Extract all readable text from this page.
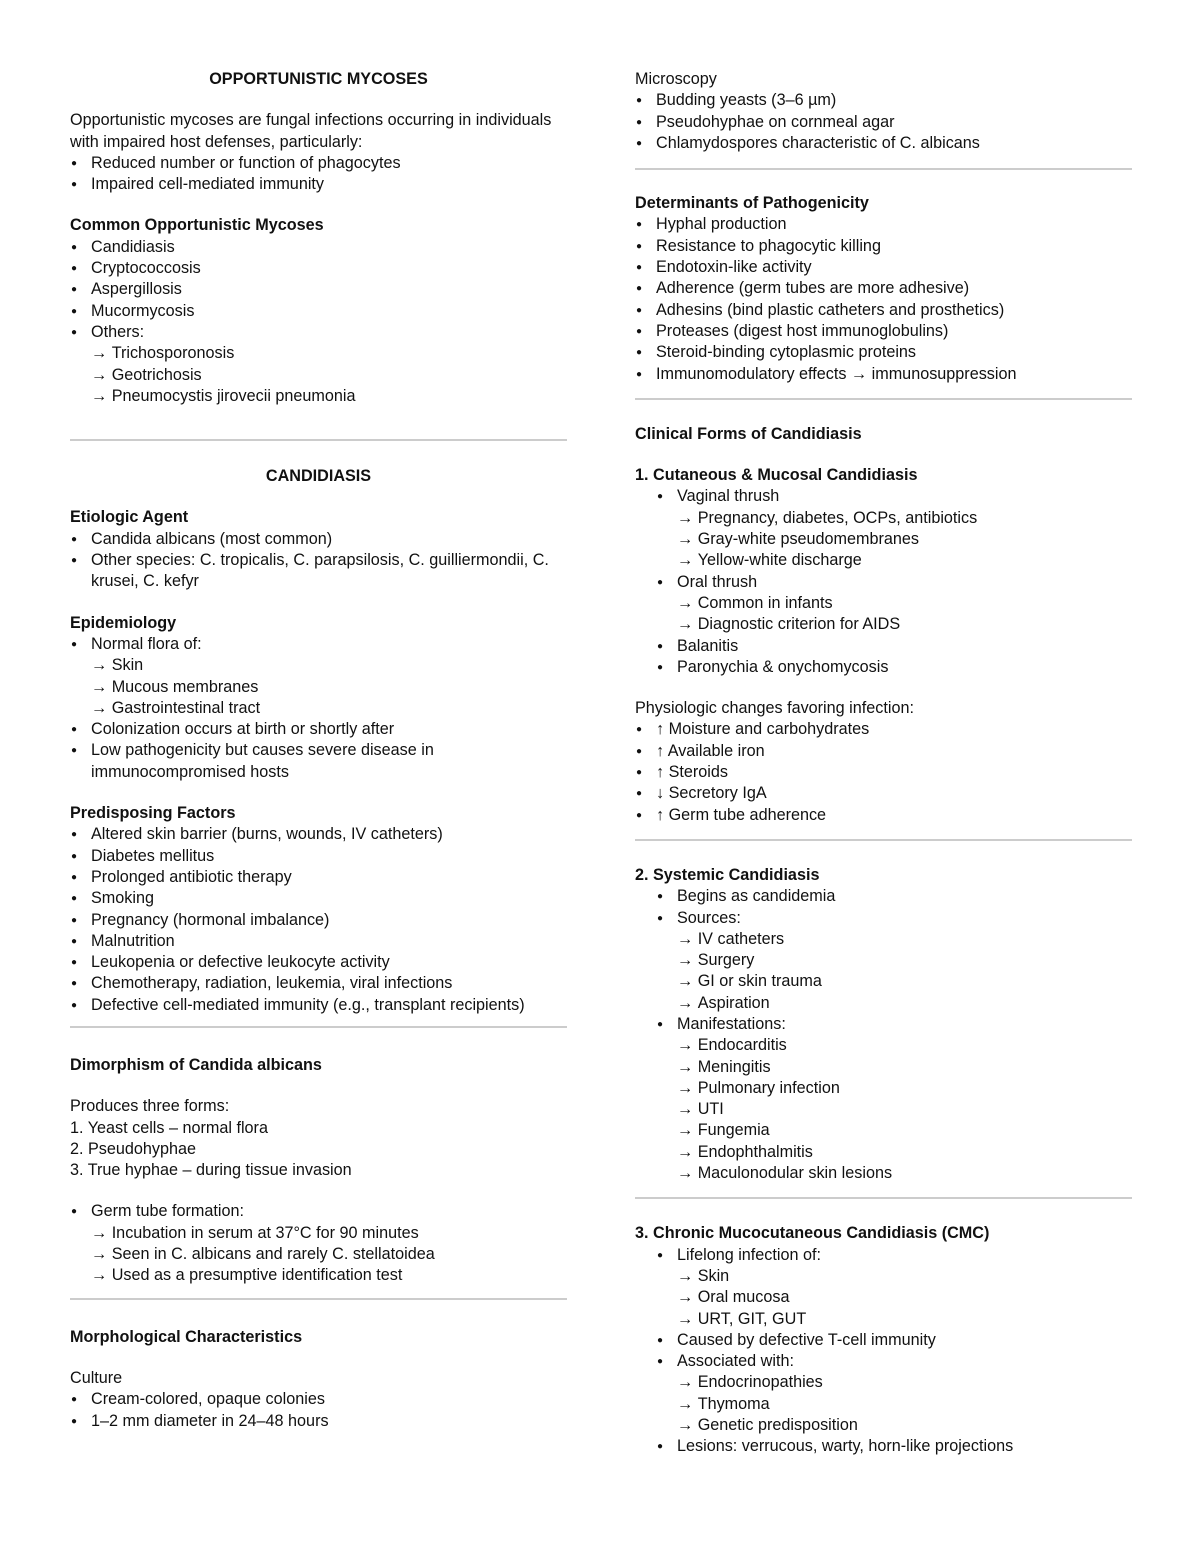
OPPORTUNISTIC MYCOSES

Opportunistic mycoses are fungal infections occurring in individuals with impaired host defenses, particularly:

● Reduced number or function of phagocytes
● Impaired cell-mediated immunity

Common Opportunistic Mycoses

● Candidiasis
● Cryptococcosis
● Aspergillosis
● Mucormycosis
● Others:
→ Trichosporonosis
→ Geotrichosis
→ Pneumocystis jirovecii pneumonia

CANDIDIASIS

Etiologic Agent

● Candida albicans (most common)
● Other species: C. tropicalis, C. parapsilosis, C. guilliermondii, C. krusei, C. kefyr

Epidemiology

● Normal flora of:
→ Skin
→ Mucous membranes
→ Gastrointestinal tract
● Colonization occurs at birth or shortly after
● Low pathogenicity but causes severe disease in immunocompromised hosts

Predisposing Factors

● Altered skin barrier (burns, wounds, IV catheters)
● Diabetes mellitus
● Prolonged antibiotic therapy
● Smoking
● Pregnancy (hormonal imbalance)
● Malnutrition
● Leukopenia or defective leukocyte activity
● Chemotherapy, radiation, leukemia, viral infections
● Defective cell-mediated immunity (e.g., transplant recipients)

Dimorphism of Candida albicans

Produces three forms:

1. Yeast cells – normal flora
2. Pseudohyphae
3. True hyphae – during tissue invasion
● Germ tube formation:
→ Incubation in serum at 37°C for 90 minutes
→ Seen in C. albicans and rarely C. stellatoidea
→ Used as a presumptive identification test

Morphological Characteristics

Culture

● Cream-colored, opaque colonies
● 1–2 mm diameter in 24–48 hours

Microscopy

● Budding yeasts (3–6 µm)
● Pseudohyphae on cornmeal agar
● Chlamydospores characteristic of C. albicans

Determinants of Pathogenicity

● Hyphal production
● Resistance to phagocytic killing
● Endotoxin-like activity
● Adherence (germ tubes are more adhesive)
● Adhesins (bind plastic catheters and prosthetics)
● Proteases (digest host immunoglobulins)
● Steroid-binding cytoplasmic proteins
● Immunomodulatory effects → immunosuppression

Clinical Forms of Candidiasis

1. Cutaneous & Mucosal Candidiasis

● Vaginal thrush
→ Pregnancy, diabetes, OCPs, antibiotics
→ Gray-white pseudomembranes
→ Yellow-white discharge
● Oral thrush
→ Common in infants
→ Diagnostic criterion for AIDS
● Balanitis
● Paronychia & onychomycosis

Physiologic changes favoring infection:

● ↑ Moisture and carbohydrates
● ↑ Available iron
● ↑ Steroids
● ↓ Secretory IgA
● ↑ Germ tube adherence

2. Systemic Candidiasis

● Begins as candidemia
● Sources:
→ IV catheters
→ Surgery
→ GI or skin trauma
→ Aspiration
● Manifestations:
→ Endocarditis
→ Meningitis
→ Pulmonary infection
→ UTI
→ Fungemia
→ Endophthalmitis
→ Maculonodular skin lesions

3. Chronic Mucocutaneous Candidiasis (CMC)

● Lifelong infection of:
→ Skin
→ Oral mucosa
→ URT, GIT, GUT
● Caused by defective T-cell immunity
● Associated with:
→ Endocrinopathies
→ Thymoma
→ Genetic predisposition
● Lesions: verrucous, warty, horn-like projections
